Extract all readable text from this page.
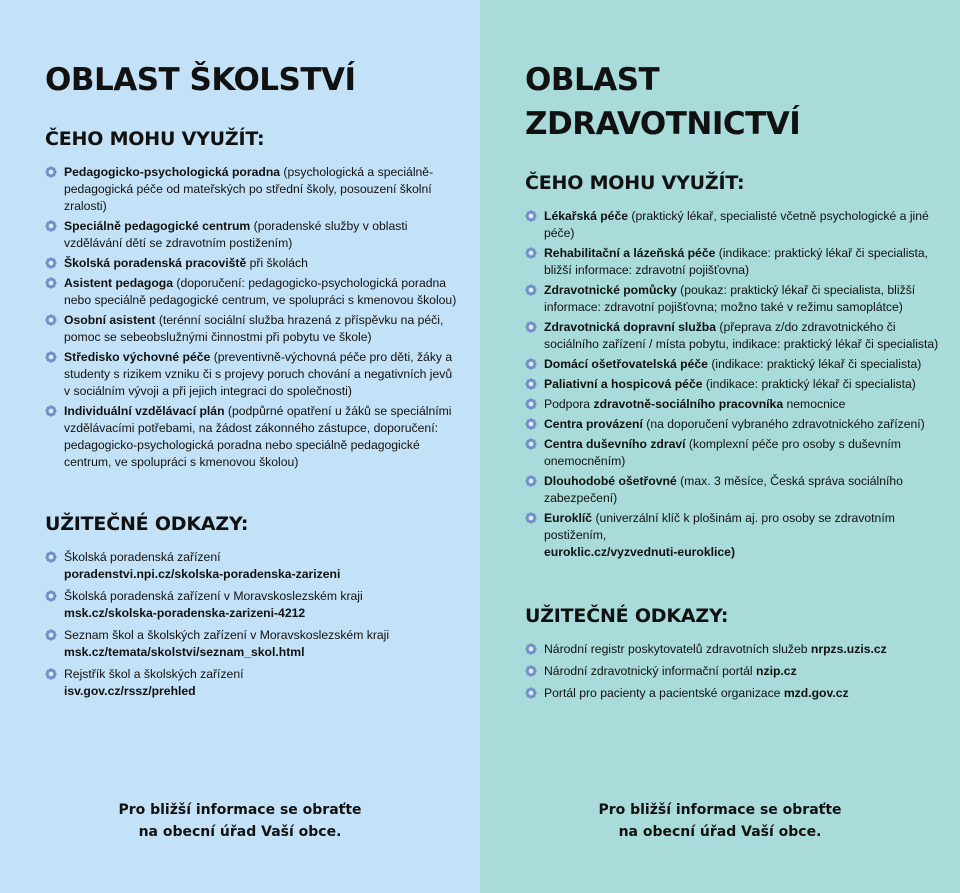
OBLAST ŠKOLSTVÍ
ČEHO MOHU VYUŽÍT:
Pedagogicko-psychologická poradna (psychologická a speciálně-pedagogická péče od mateřských po střední školy, posouzení školní zralosti)
Speciálně pedagogické centrum (poradenské služby v oblasti vzdělávání dětí se zdravotním postižením)
Školská poradenská pracoviště při školách
Asistent pedagoga (doporučení: pedagogicko-psychologická poradna nebo speciálně pedagogické centrum, ve spolupráci s kmenovou školou)
Osobní asistent (terénní sociální služba hrazená z příspěvku na péči, pomoc se sebeobslužnými činnostmi při pobytu ve škole)
Středisko výchovné péče (preventivně-výchovná péče pro děti, žáky a studenty s rizikem vzniku či s projevy poruch chování a negativních jevů v sociálním vývoji a při jejich integraci do společnosti)
Individuální vzdělávací plán (podpůrné opatření u žáků se speciálními vzdělávacími potřebami, na žádost zákonného zástupce, doporučení: pedagogicko-psychologická poradna nebo speciálně pedagogické centrum, ve spolupráci s kmenovou školou)
UŽITEČNÉ ODKAZY:
Školská poradenská zařízení
poradenstvi.npi.cz/skolska-poradenska-zarizeni
Školská poradenská zařízení v Moravskoslezském kraji
msk.cz/skolska-poradenska-zarizeni-4212
Seznam škol a školských zařízení v Moravskoslezském kraji
msk.cz/temata/skolstvi/seznam_skol.html
Rejstřík škol a školských zařízení
isv.gov.cz/rssz/prehled
Pro bližší informace se obraťte
na obecní úřad Vaší obce.
OBLAST ZDRAVOTNICTVÍ
ČEHO MOHU VYUŽÍT:
Lékařská péče (praktický lékař, specialisté včetně psychologické a jiné péče)
Rehabilitační a lázeňská péče (indikace: praktický lékař či specialista, bližší informace: zdravotní pojišťovna)
Zdravotnické pomůcky (poukaz: praktický lékař či specialista, bližší informace: zdravotní pojišťovna; možno také v režimu samoplátce)
Zdravotnická dopravní služba (přeprava z/do zdravotnického či sociálního zařízení / místa pobytu, indikace: praktický lékař či specialista)
Domácí ošetřovatelská péče (indikace: praktický lékař či specialista)
Paliativní a hospicová péče (indikace: praktický lékař či specialista)
Podpora zdravotně-sociálního pracovníka nemocnice
Centra provázení (na doporučení vybraného zdravotnického zařízení)
Centra duševního zdraví (komplexní péče pro osoby s duševním onemocněním)
Dlouhodobé ošetřovné (max. 3 měsíce, Česká správa sociálního zabezpečení)
Euroklíč (univerzální klíč k plošinám aj. pro osoby se zdravotním postižením,
euroklic.cz/vyzvednuti-euroklice)
UŽITEČNÉ ODKAZY:
Národní registr poskytovatelů zdravotních služeb nrpzs.uzis.cz
Národní zdravotnický informační portál nzip.cz
Portál pro pacienty a pacientské organizace mzd.gov.cz
Pro bližší informace se obraťte
na obecní úřad Vaší obce.
